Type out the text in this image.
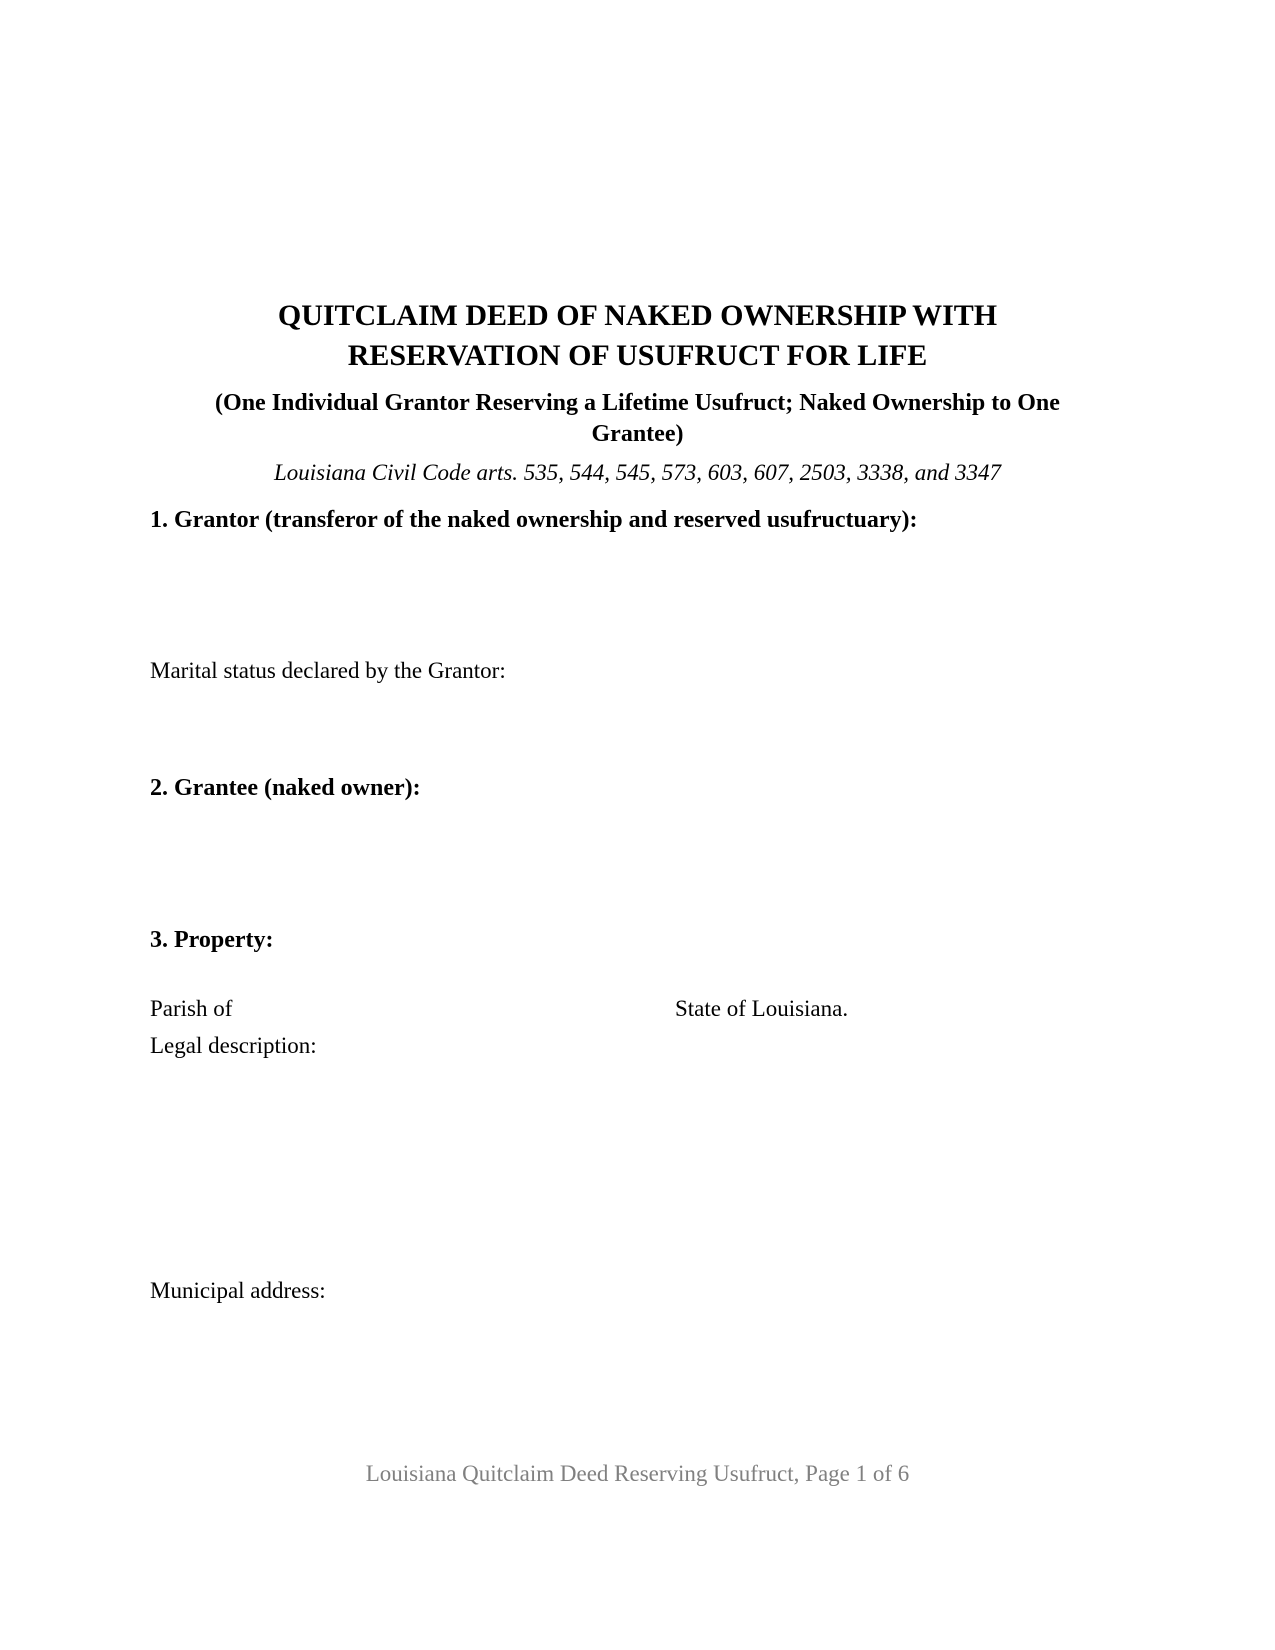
QUITCLAIM DEED OF NAKED OWNERSHIP WITH
RESERVATION OF USUFRUCT FOR LIFE

(One Individual Grantor Reserving a Lifetime Usufruct; Naked Ownership to One

Grantee)

Louisiana Civil Code arts. 535, 544, 545, 573, 603, 607, 2503, 3338, and 3347

1. Grantor (transferor of the naked ownership and reserved usufructuary):

Marital status declared by the Grantor:

2. Grantee (naked owner):
3. Property:

Parish of	State of Louisiana.

Legal description:

Municipal address:

Louisiana Quitclaim Deed Reserving Usufruct, Page 1 of 6
